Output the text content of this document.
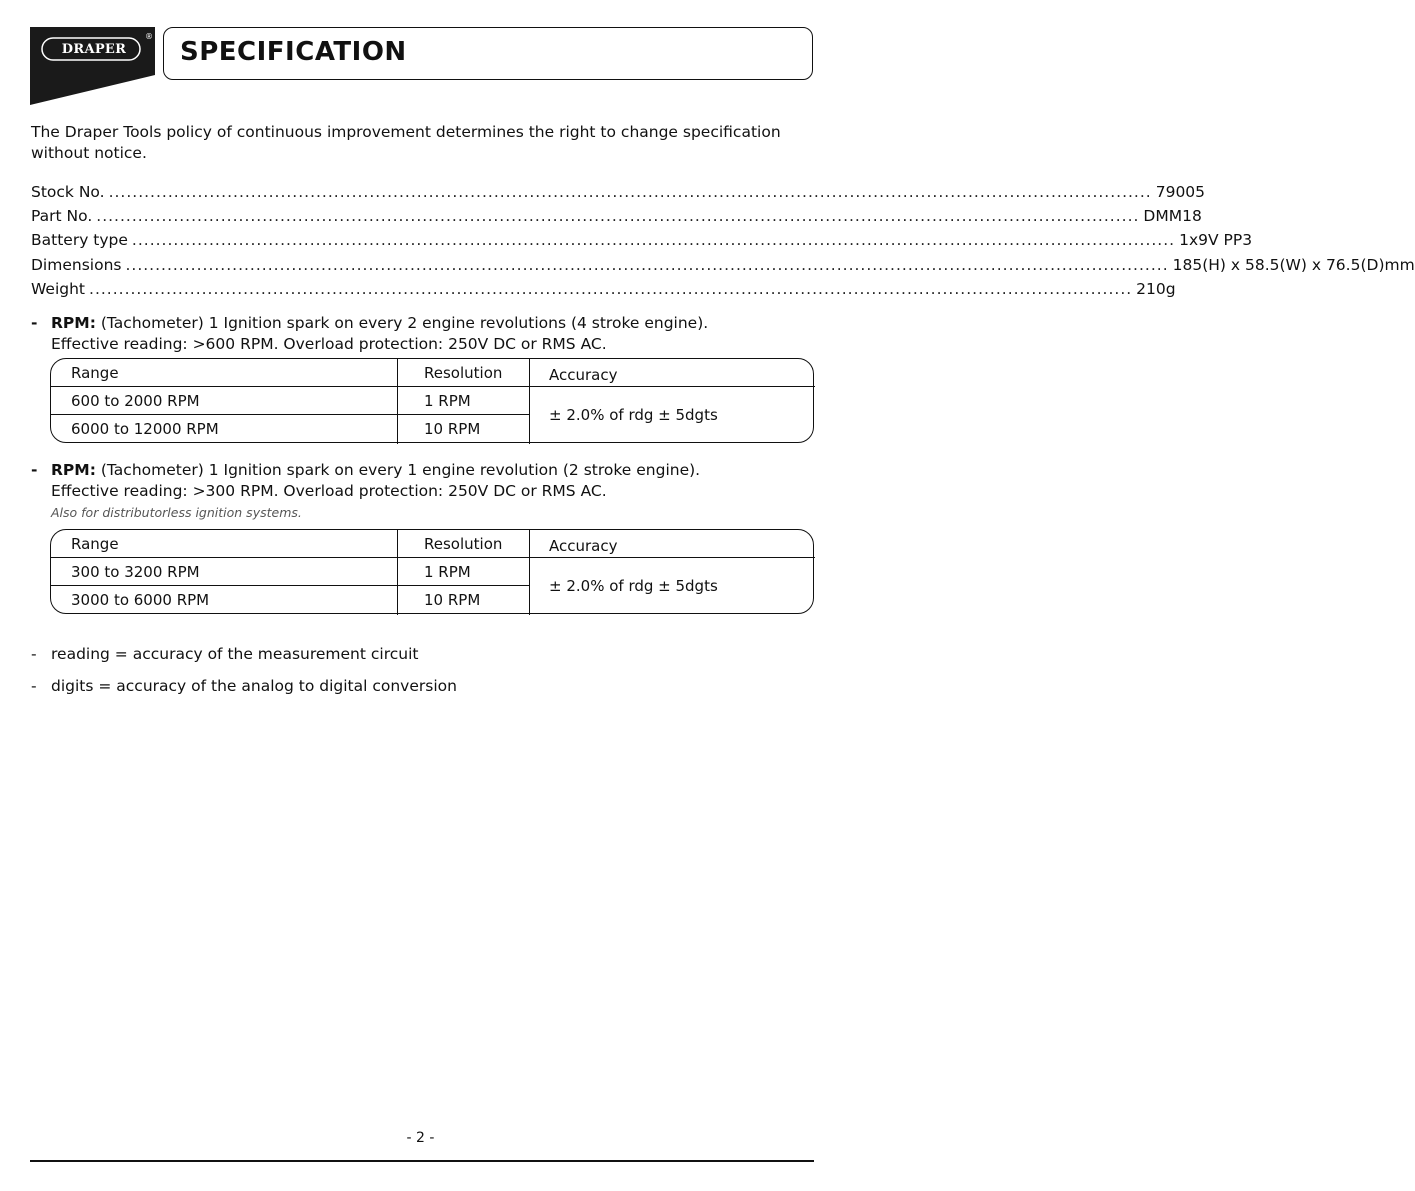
DRAPER
®
SPECIFICATION
The Draper Tools policy of continuous improvement determines the right to change specification without notice.
Stock No. ................................................................................................................................................................................ 79005
Part No. ................................................................................................................................................................................ DMM18
Battery type ................................................................................................................................................................................ 1x9V PP3
Dimensions ................................................................................................................................................................................ 185(H) x 58.5(W) x 76.5(D)mm
Weight ................................................................................................................................................................................ 210g
- RPM: (Tachometer) 1 Ignition spark on every 2 engine revolutions (4 stroke engine).
Effective reading: >600 RPM. Overload protection: 250V DC or RMS AC.
Range	Resolution	Accuracy
600 to 2000 RPM	1 RPM
6000 to 12000 RPM	10 RPM
± 2.0% of rdg ± 5dgts
- RPM: (Tachometer) 1 Ignition spark on every 1 engine revolution (2 stroke engine).
Effective reading: >300 RPM. Overload protection: 250V DC or RMS AC.
Also for distributorless ignition systems.
Range	Resolution	Accuracy
300 to 3200 RPM	1 RPM
3000 to 6000 RPM	10 RPM
± 2.0% of rdg ± 5dgts
- reading = accuracy of the measurement circuit
- digits = accuracy of the analog to digital conversion
- 2 -
